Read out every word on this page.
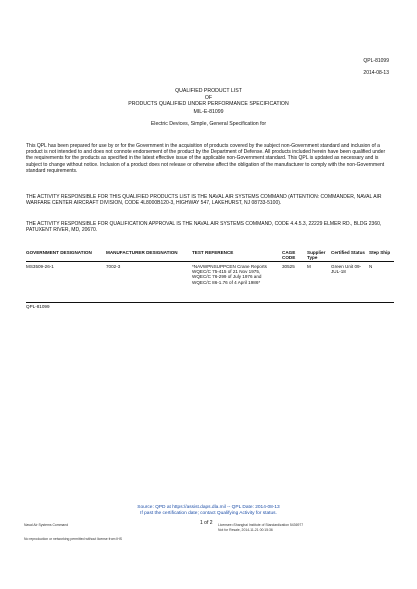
QPL-81099
2014-08-13
QUALIFIED PRODUCT LIST
OF
PRODUCTS QUALIFIED UNDER PERFORMANCE SPECIFICATION
MIL-E-81099
Electric Devices, Simple, General Specification for
This QPL has been prepared for use by or for the Government in the acquisition of products covered by the subject non-Government standard and inclusion of a product is not intended to and does not connote endorsement of the product by the Department of Defense. All products included herein have been qualified under the requirements for the products as specified in the latest effective issue of the applicable non-Government standard. This QPL is updated as necessary and is subject to change without notice. Inclusion of a product does not release or otherwise affect the obligation of the manufacturer to comply with the non-Government standard requirements.
THE ACTIVITY RESPONSIBLE FOR THIS QUALIFIED PRODUCTS LIST IS THE NAVAL AIR SYSTEMS COMMAND (ATTENTION: COMMANDER, NAVAL AIR WARFARE CENTER AIRCRAFT DIVISION, CODE 4L8000B120-3, HIGHWAY 547, LAKEHURST, NJ 08733-5100).
THE ACTIVITY RESPONSIBLE FOR QUALIFICATION APPROVAL IS THE NAVAL AIR SYSTEMS COMMAND, CODE 4.4.5.3, 22229 ELMER RD., BLDG 2360, PATUXENT RIVER, MD, 20670.
GOVERNMENT DESIGNATION	MANUFACTURER DESIGNATION	TEST REFERENCE	CAGE CODE	Supplier Type	Certified Status	Step Ship
MS3509-26-1	7002-3	*NAVWPNSUPPCEN Crane Reports WQEC/C 75-415 of 21 Nov 1975, WQEC/C 76-299 of July 1976 and WQEC/C 86-1.76 of 4 April 1986*	30525	M	Green Unit 09-JUL-18	N
QPL-81099
Source: QPD at https://assist.daps.dla.mil -- QPL Date: 2014-08-13
If past the certification date; contact Qualifying Activity for status.
Naval Air Systems Command
No reproduction or networking permitted without license from IHS
1 of 2 Licensee=Shanghai Institute of Standardization 5436977
Not for Resale, 2014-11-21 00:15:36
